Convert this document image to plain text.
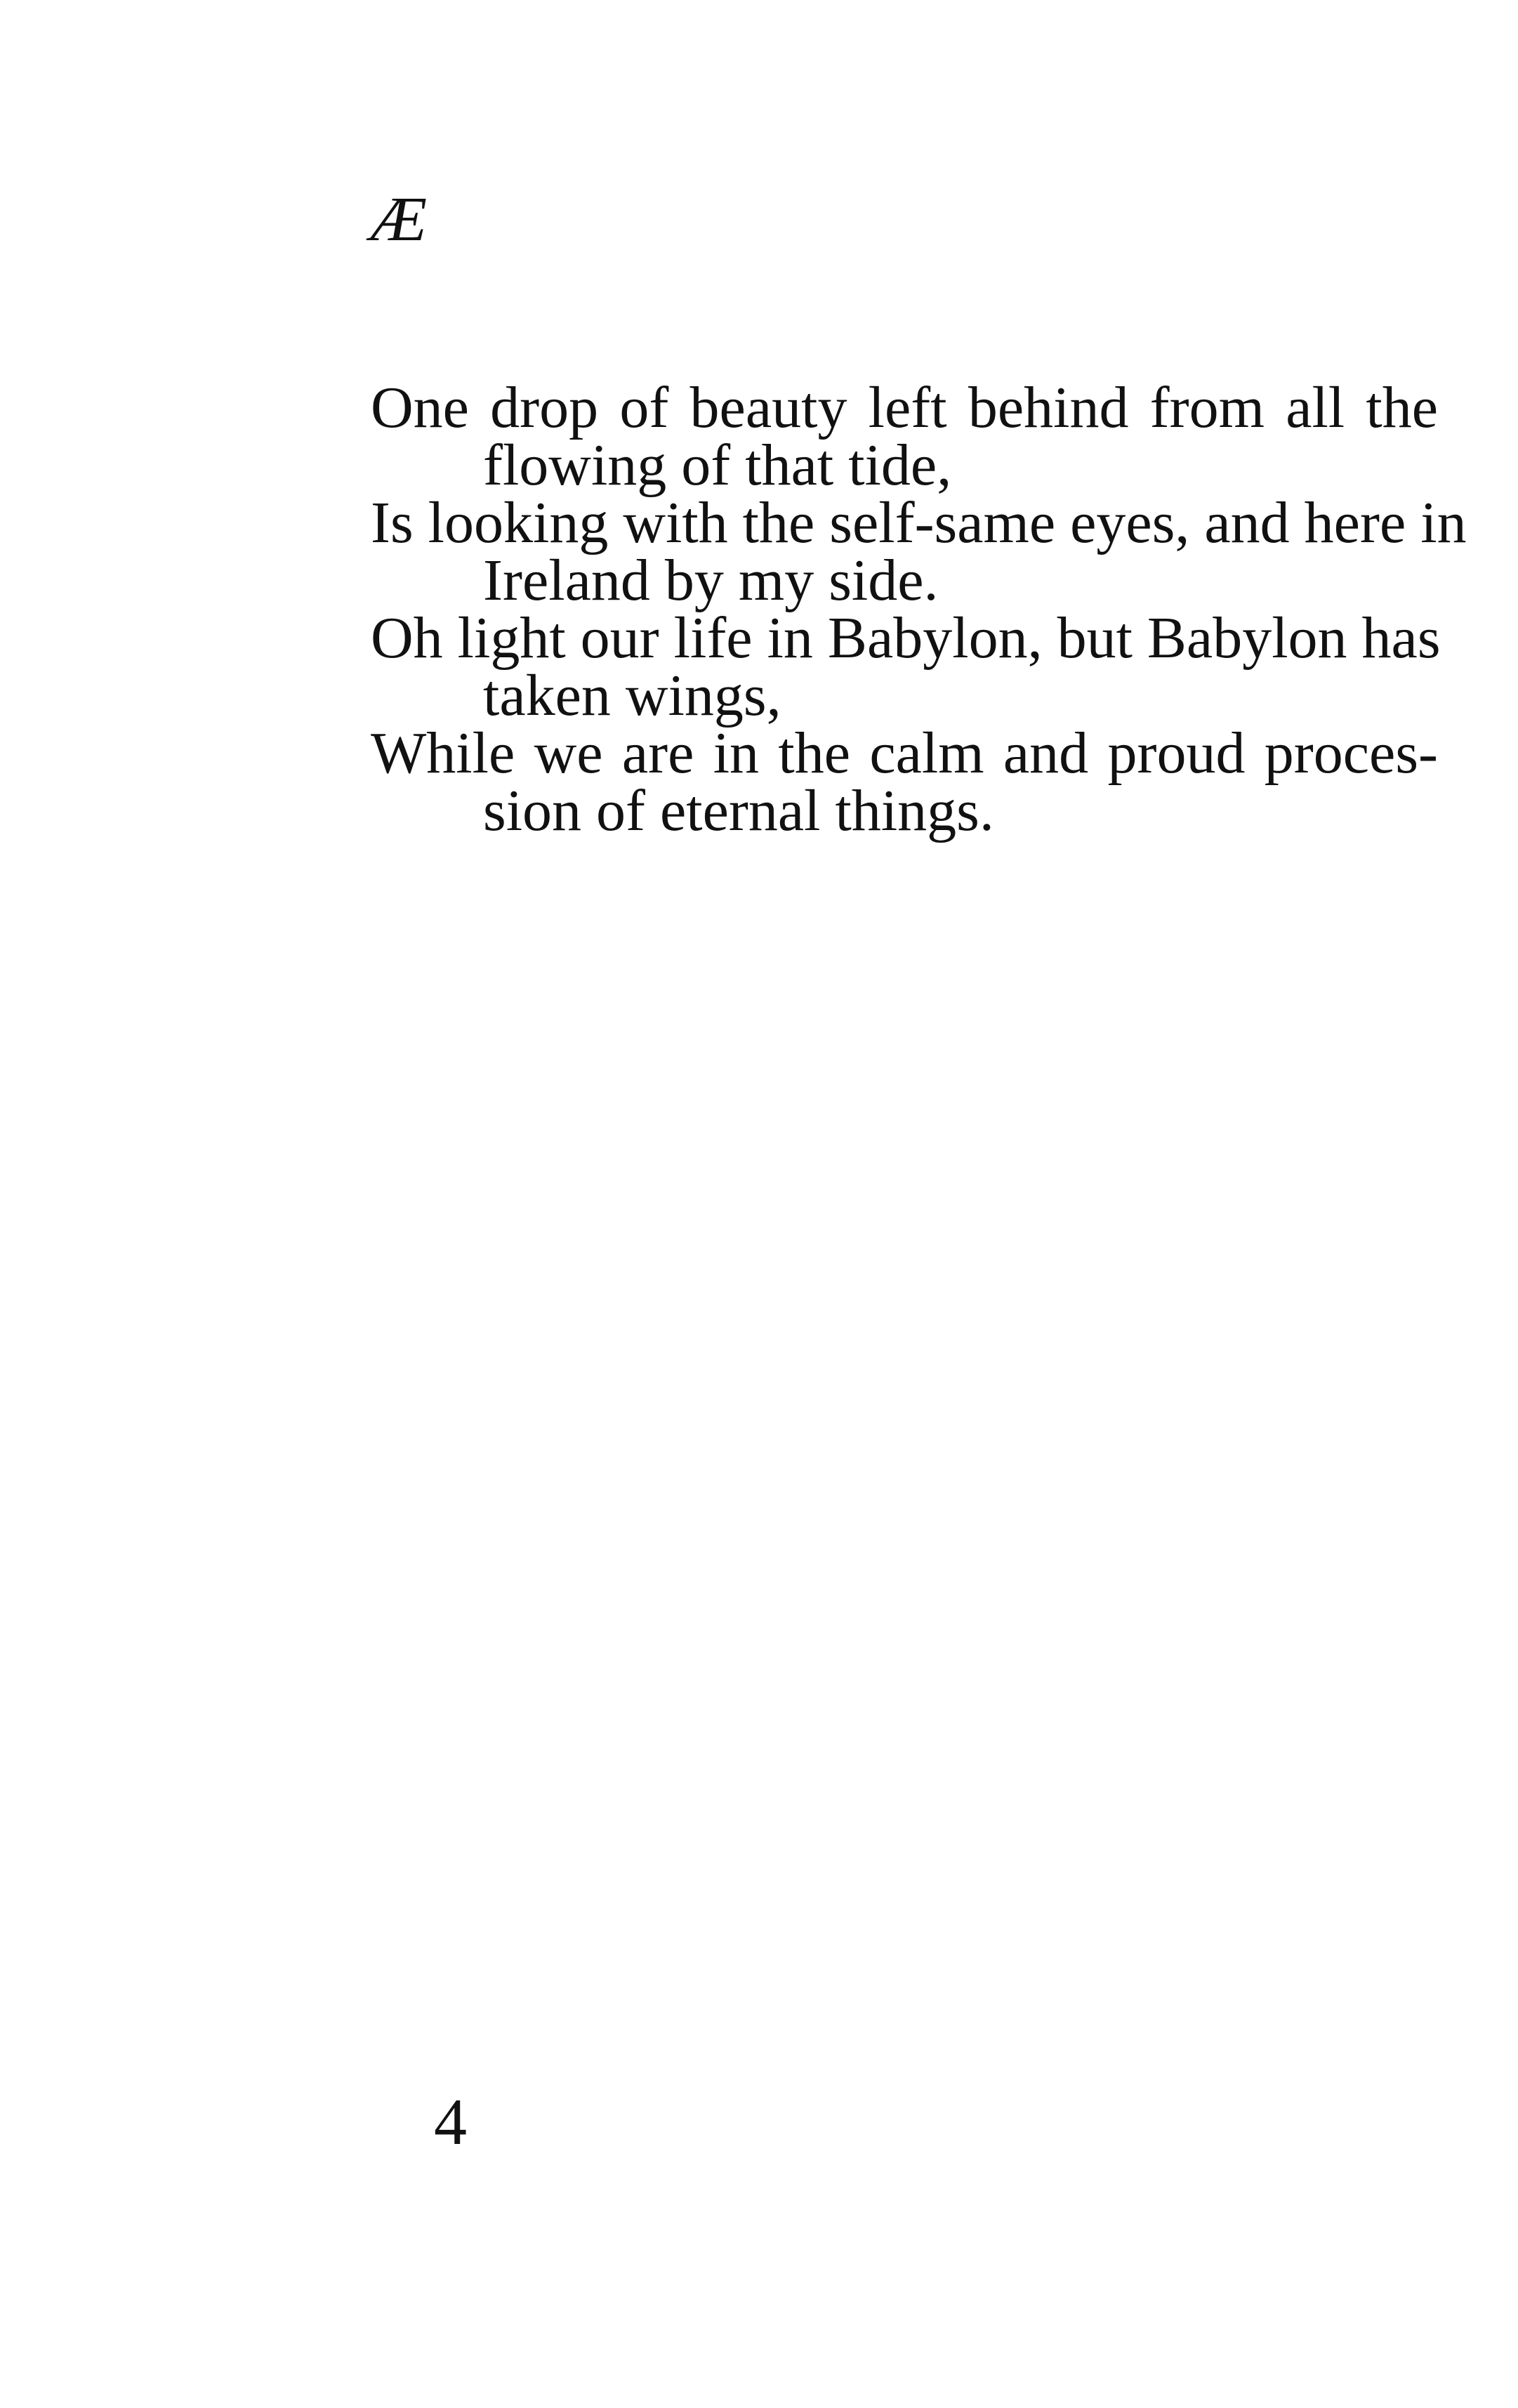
Æ

One drop of beauty left behind from all the

flowing of that tide,

Is looking with the self-same eyes, and here in

Ireland by my side.

Oh light our life in Babylon, but Babylon has

taken wings,

While we are in the calm and proud proces-

sion of eternal things.

4
